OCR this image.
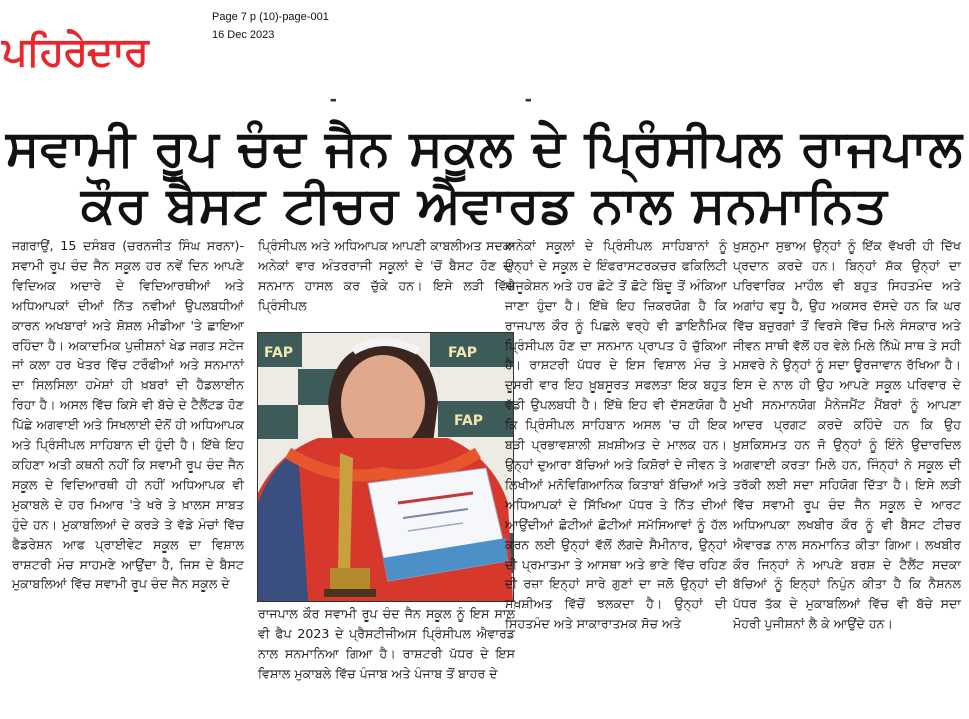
ਪਹਿਰੇਦਾਰ
Page 7 p (10)-page-001
16 Dec 2023
▬	▬
ਸਵਾਮੀ ਰੂਪ ਚੰਦ ਜੈਨ ਸਕੂਲ ਦੇ ਪ੍ਰਿੰਸੀਪਲ ਰਾਜਪਾਲ
ਕੌਰ ਬੈਸਟ ਟੀਚਰ ਐਵਾਰਡ ਨਾਲ ਸਨਮਾਨਿਤ

ਜਗਰਾਉਂ, 15 ਦਸੰਬਰ (ਚਰਨਜੀਤ ਸਿੰਘ ਸਰਨਾ)-ਸਵਾਮੀ ਰੂਪ ਚੰਦ ਜੈਨ ਸਕੂਲ ਹਰ ਨਵੇਂ ਦਿਨ ਆਪਣੇ ਵਿਦਿਅਕ ਅਦਾਰੇ ਦੇ ਵਿਦਿਆਰਥੀਆਂ ਅਤੇ ਅਧਿਆਪਕਾਂ ਦੀਆਂ ਨਿੱਤ ਨਵੀਆਂ ਉਪਲਬਧੀਆਂ ਕਾਰਨ ਅਖਬਾਰਾਂ ਅਤੇ ਸ਼ੋਸ਼ਲ ਮੀਡੀਆ 'ਤੇ ਛਾਇਆ ਰਹਿੰਦਾ ਹੈ। ਅਕਾਦਮਿਕ ਪੁਜ਼ੀਸ਼ਨਾਂ ਖੇਡ ਜਗਤ ਸਟੇਜ ਜਾਂ ਕਲਾ ਹਰ ਖੇਤਰ ਵਿੱਚ ਟਰੌਫੀਆਂ ਅਤੇ ਸਨਮਾਨਾਂ ਦਾ ਸਿਲਸਿਲਾ ਹਮੇਸ਼ਾਂ ਹੀ ਖ਼ਬਰਾਂ ਦੀ ਹੈਡਲਾਈਨ ਰਿਹਾ ਹੈ। ਅਸਲ ਵਿੱਚ ਕਿਸੇ ਵੀ ਬੱਚੇ ਦੇ ਟੈਲੈਂਟਡ ਹੋਣ ਪਿੱਛੇ ਅਗਵਾਈ ਅਤੇ ਸਿਖਲਾਈ ਦੋਨੋਂ ਹੀ ਅਧਿਆਪਕ ਅਤੇ ਪ੍ਰਿੰਸੀਪਲ ਸਾਹਿਬਾਨ ਦੀ ਹੁੰਦੀ ਹੈ। ਇੱਥੇ ਇਹ ਕਹਿਣਾ ਅਤੀ ਕਥਨੀ ਨਹੀਂ ਕਿ ਸਵਾਮੀ ਰੂਪ ਚੰਦ ਜੈਨ ਸਕੂਲ ਦੇ ਵਿਦਿਆਰਥੀ ਹੀ ਨਹੀਂ ਅਧਿਆਪਕ ਵੀ ਮੁਕਾਬਲੇ ਦੇ ਹਰ ਮਿਆਰ 'ਤੇ ਖਰੇ ਤੇ ਖ਼ਾਲਸ ਸਾਬਤ ਹੁੰਦੇ ਹਨ। ਮੁਕਾਬਲਿਆਂ ਦੇ ਕਰੜੇ ਤੇ ਵੱਡੇ ਮੰਚਾਂ ਵਿੱਚ ਫੈਡਰੇਸ਼ਨ ਆਫ ਪ੍ਰਾਈਵੇਟ ਸਕੂਲ ਦਾ ਵਿਸ਼ਾਲ ਰਾਸ਼ਟਰੀ ਮੰਚ ਸਾਹਮਣੇ ਆਉਂਦਾ ਹੈ, ਜਿਸ ਦੇ ਬੈਸਟ ਮੁਕਾਬਲਿਆਂ ਵਿੱਚ ਸਵਾਮੀ ਰੂਪ ਚੰਦ ਜੈਨ ਸਕੂਲ ਦੇ

ਪ੍ਰਿੰਸੀਪਲ ਅਤੇ ਅਧਿਆਪਕ ਆਪਣੀ ਕਾਬਲੀਅਤ ਸਦਕਾ ਅਨੇਕਾਂ ਵਾਰ ਅੰਤਰਰਾਜੀ ਸਕੂਲਾਂ ਦੇ 'ਚੋਂ ਬੈਸਟ ਹੋਣ ਦਾ ਸਨਮਾਨ ਹਾਸਲ ਕਰ ਚੁੱਕੇ ਹਨ। ਇਸੇ ਲੜੀ ਵਿੱਚ ਪ੍ਰਿੰਸੀਪਲ

FAP
FAP
FAP

ਰਾਜਪਾਲ ਕੌਰ ਸਵਾਮੀ ਰੂਪ ਚੰਦ ਜੈਨ ਸਕੂਲ ਨੂੰ ਇਸ ਸਾਲ ਵੀ ਫੈਪ 2023 ਦੇ ਪ੍ਰੈਸਟੀਜੀਅਸ ਪ੍ਰਿੰਸੀਪਲ ਐਵਾਰਡ ਨਾਲ ਸਨਮਾਨਿਆ ਗਿਆ ਹੈ। ਰਾਸ਼ਟਰੀ ਪੱਧਰ ਦੇ ਇਸ ਵਿਸ਼ਾਲ ਮੁਕਾਬਲੇ ਵਿੱਚ ਪੰਜਾਬ ਅਤੇ ਪੰਜਾਬ ਤੋਂ ਬਾਹਰ ਦੇ

ਅਨੇਕਾਂ ਸਕੂਲਾਂ ਦੇ ਪ੍ਰਿੰਸੀਪਲ ਸਾਹਿਬਾਨਾਂ ਨੂੰ ਉਨ੍ਹਾਂ ਦੇ ਸਕੂਲ ਦੇ ਇੰਫਰਾਸਟਰਕਚਰ ਫਕਿਲਿਟੀ ਐਜੂਕੇਸ਼ਨ ਅਤੇ ਹਰ ਛੋਟੇ ਤੋਂ ਛੋਟੇ ਬਿੰਦੂ ਤੋਂ ਅੰਕਿਆ ਜਾਣਾ ਹੁੰਦਾ ਹੈ। ਇੱਥੇ ਇਹ ਜ਼ਿਕਰਯੋਗ ਹੈ ਕਿ ਰਾਜਪਾਲ ਕੌਰ ਨੂੰ ਪਿਛਲੇ ਵਰ੍ਹੇ ਵੀ ਡਾਇਨੈਮਿਕ ਪ੍ਰਿੰਸੀਪਲ ਹੋਣ ਦਾ ਸਨਮਾਨ ਪ੍ਰਾਪਤ ਹੋ ਚੁੱਕਿਆ ਹੈ। ਰਾਸ਼ਟਰੀ ਪੱਧਰ ਦੇ ਇਸ ਵਿਸ਼ਾਲ ਮੰਚ ਤੇ ਦੂਸਰੀ ਵਾਰ ਇਹ ਖ਼ੂਬਸੂਰਤ ਸਫਲਤਾ ਇਕ ਬਹੁਤ ਵੱਡੀ ਉਪਲਬਧੀ ਹੈ। ਇੱਥੇ ਇਹ ਵੀ ਦੱਸਣਯੋਗ ਹੈ ਕਿ ਪ੍ਰਿੰਸੀਪਲ ਸਾਹਿਬਾਨ ਅਸਲ 'ਚ ਹੀ ਇਕ ਬੜੀ ਪ੍ਰਭਾਵਸ਼ਾਲੀ ਸ਼ਖ਼ਸ਼ੀਅਤ ਦੇ ਮਾਲਕ ਹਨ। ਉਨ੍ਹਾਂ ਦੁਆਰਾ ਬੱਚਿਆਂ ਅਤੇ ਕਿਸ਼ੋਰਾਂ ਦੇ ਜੀਵਨ ਤੇ ਲਿਖੀਆਂ ਮਨੋਵਿਗਿਆਨਿਕ ਕਿਤਾਬਾਂ ਬੱਚਿਆਂ ਅਤੇ ਅਧਿਆਪਕਾਂ ਦੇ ਸਿੱਖਿਆ ਪੱਧਰ ਤੇ ਨਿੱਤ ਦੀਆਂ ਆਉਂਦੀਆਂ ਛੋਟੀਆਂ ਛੋਟੀਆਂ ਸਮੱਸਿਆਵਾਂ ਨੂੰ ਹੱਲ ਕਰਨ ਲਈ ਉਨ੍ਹਾਂ ਵੱਲੋਂ ਲੱਗਦੇ ਸੈਮੀਨਾਰ, ਉਨ੍ਹਾਂ ਦੀ ਪ੍ਰਮਾਤਮਾ ਤੇ ਆਸਥਾ ਅਤੇ ਭਾਣੇ ਵਿੱਚ ਰਹਿਣ ਦੀ ਰਜ਼ਾ ਇਨ੍ਹਾਂ ਸਾਰੇ ਗੁਣਾਂ ਦਾ ਜਲੋ ਉਨ੍ਹਾਂ ਦੀ ਸਖ਼ਸ਼ੀਅਤ ਵਿੱਚੋਂ ਝਲਕਦਾ ਹੈ। ਉਨ੍ਹਾਂ ਦੀ ਸਿਹਤਮੰਦ ਅਤੇ ਸਾਕਾਰਾਤਮਕ ਸੋਚ ਅਤੇ

ਖ਼ੁਸ਼ਨੁਮਾ ਸੁਭਾਅ ਉਨ੍ਹਾਂ ਨੂੰ ਇੱਕ ਵੱਖਰੀ ਹੀ ਦਿੱਖ ਪ੍ਰਦਾਨ ਕਰਦੇ ਹਨ। ਬਿਨ੍ਹਾਂ ਸ਼ੱਕ ਉਨ੍ਹਾਂ ਦਾ ਪਰਿਵਾਰਿਕ ਮਾਹੌਲ ਵੀ ਬਹੁਤ ਸਿਹਤਮੰਦ ਅਤੇ ਅਗਾਂਹ ਵਧੂ ਹੈ, ਉਹ ਅਕਸਰ ਦੱਸਦੇ ਹਨ ਕਿ ਘਰ ਵਿੱਚ ਬਜ਼ੁਰਗਾਂ ਤੋਂ ਵਿਰਸੇ ਵਿੱਚ ਮਿਲੇ ਸੰਸਕਾਰ ਅਤੇ ਜੀਵਨ ਸਾਥੀ ਵੱਲੋਂ ਹਰ ਵੇਲੇ ਮਿਲੇ ਨਿੱਘੇ ਸਾਥ ਤੇ ਸਹੀ ਮਸ਼ਵਰੇ ਨੇ ਉਨ੍ਹਾਂ ਨੂੰ ਸਦਾ ਊਰਜਾਵਾਨ ਰੱਖਿਆ ਹੈ। ਇਸ ਦੇ ਨਾਲ ਹੀ ਉਹ ਆਪਣੇ ਸਕੂਲ ਪਰਿਵਾਰ ਦੇ ਮੁਖੀ ਸਨਮਾਨਯੋਗ ਮੈਨੇਜਮੈਂਟ ਮੈਂਬਰਾਂ ਨੂੰ ਆਪਣਾ ਆਦਰ ਪ੍ਰਗਟ ਕਰਦੇ ਕਹਿੰਦੇ ਹਨ ਕਿ ਉਹ ਖ਼ੁਸ਼ਕਿਸਮਤ ਹਨ ਜੋ ਉਨ੍ਹਾਂ ਨੂੰ ਇੰਨੇ ਉਦਾਰਦਿਲ ਅਗਵਾਈ ਕਰਤਾ ਮਿਲੇ ਹਨ, ਜਿੰਨ੍ਹਾਂ ਨੇ ਸਕੂਲ ਦੀ ਤਰੱਕੀ ਲਈ ਸਦਾ ਸਹਿਯੋਗ ਦਿੱਤਾ ਹੈ। ਇਸੇ ਲੜੀ ਵਿੱਚ ਸਵਾਮੀ ਰੂਪ ਚੰਦ ਜੈਨ ਸਕੂਲ ਦੇ ਆਰਟ ਅਧਿਆਪਕਾ ਲਖਬੀਰ ਕੌਰ ਨੂੰ ਵੀ ਬੈਸਟ ਟੀਚਰ ਐਵਾਰਡ ਨਾਲ ਸਨਮਾਨਿਤ ਕੀਤਾ ਗਿਆ। ਲਖਬੀਰ ਕੌਰ ਜਿਨ੍ਹਾਂ ਨੇ ਆਪਣੇ ਬਰਸ਼ ਦੇ ਟੈਲੈਂਟ ਸਦਕਾ ਬੱਚਿਆਂ ਨੂੰ ਇਨ੍ਹਾਂ ਨਿਪੁੰਨ ਕੀਤਾ ਹੈ ਕਿ ਨੈਸ਼ਨਲ ਪੱਧਰ ਤੱਕ ਦੇ ਮੁਕਾਬਲਿਆਂ ਵਿੱਚ ਵੀ ਬੱਚੇ ਸਦਾ ਮੋਹਰੀ ਪੁਜੀਸ਼ਨਾਂ ਲੈ ਕੇ ਆਉਂਦੇ ਹਨ।
